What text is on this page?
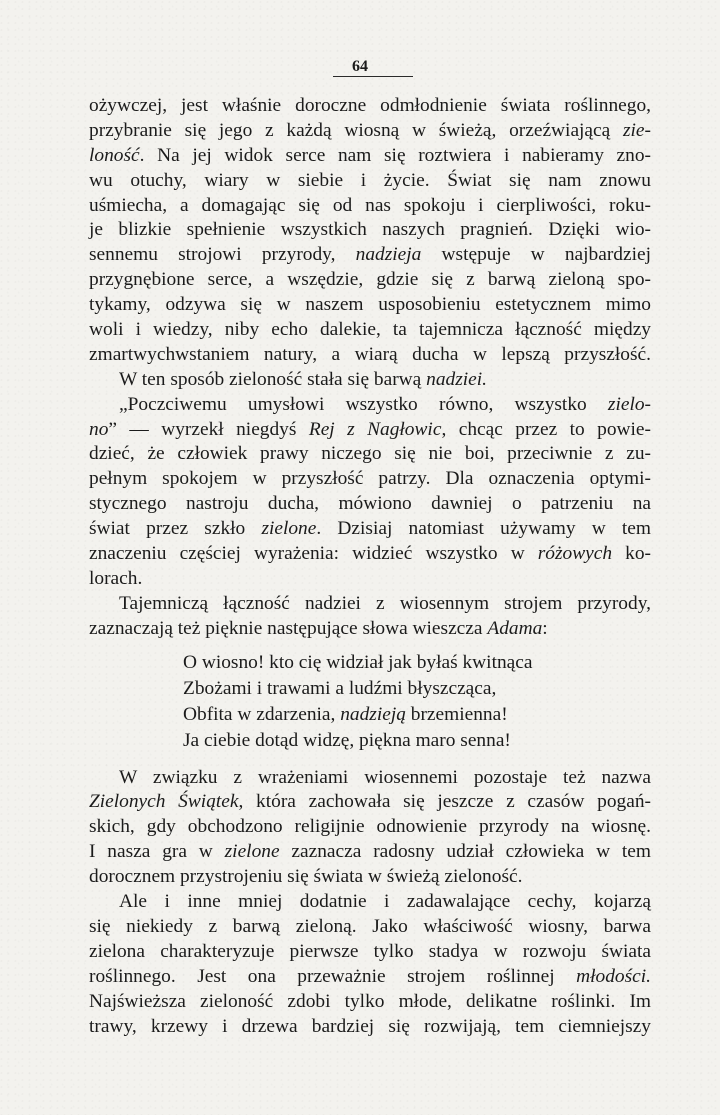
64
ożywczej, jest właśnie doroczne odmłodnienie świata roślinnego,
przybranie się jego z każdą wiosną w świeżą, orzeźwiającą zie-
loność. Na jej widok serce nam się roztwiera i nabieramy zno-
wu otuchy, wiary w siebie i życie. Świat się nam znowu
uśmiecha, a domagając się od nas spokoju i cierpliwości, roku-
je blizkie spełnienie wszystkich naszych pragnień. Dzięki wio-
sennemu strojowi przyrody, nadzieja wstępuje w najbardziej
przygnębione serce, a wszędzie, gdzie się z barwą zieloną spo-
tykamy, odzywa się w naszem usposobieniu estetycznem mimo
woli i wiedzy, niby echo dalekie, ta tajemnicza łączność między
zmartwychwstaniem natury, a wiarą ducha w lepszą przyszłość.
W ten sposób zieloność stała się barwą nadziei.
„Poczciwemu umysłowi wszystko równo, wszystko zielo-
no” — wyrzekł niegdyś Rej z Nagłowic, chcąc przez to powie-
dzieć, że człowiek prawy niczego się nie boi, przeciwnie z zu-
pełnym spokojem w przyszłość patrzy. Dla oznaczenia optymi-
stycznego nastroju ducha, mówiono dawniej o patrzeniu na
świat przez szkło zielone. Dzisiaj natomiast używamy w tem
znaczeniu częściej wyrażenia: widzieć wszystko w różowych ko-
lorach.
Tajemniczą łączność nadziei z wiosennym strojem przyrody,
zaznaczają też pięknie następujące słowa wieszcza Adama:
O wiosno! kto cię widział jak byłaś kwitnąca
Zbożami i trawami a ludźmi błyszcząca,
Obfita w zdarzenia, nadzieją brzemienna!
Ja ciebie dotąd widzę, piękna maro senna!
W związku z wrażeniami wiosennemi pozostaje też nazwa
Zielonych Świątek, która zachowała się jeszcze z czasów pogań-
skich, gdy obchodzono religijnie odnowienie przyrody na wiosnę.
I nasza gra w zielone zaznacza radosny udział człowieka w tem
dorocznem przystrojeniu się świata w świeżą zieloność.
Ale i inne mniej dodatnie i zadawalające cechy, kojarzą
się niekiedy z barwą zieloną. Jako właściwość wiosny, barwa
zielona charakteryzuje pierwsze tylko stadya w rozwoju świata
roślinnego. Jest ona przeważnie strojem roślinnej młodości.
Najświeższa zieloność zdobi tylko młode, delikatne roślinki. Im
trawy, krzewy i drzewa bardziej się rozwijają, tem ciemniejszy
